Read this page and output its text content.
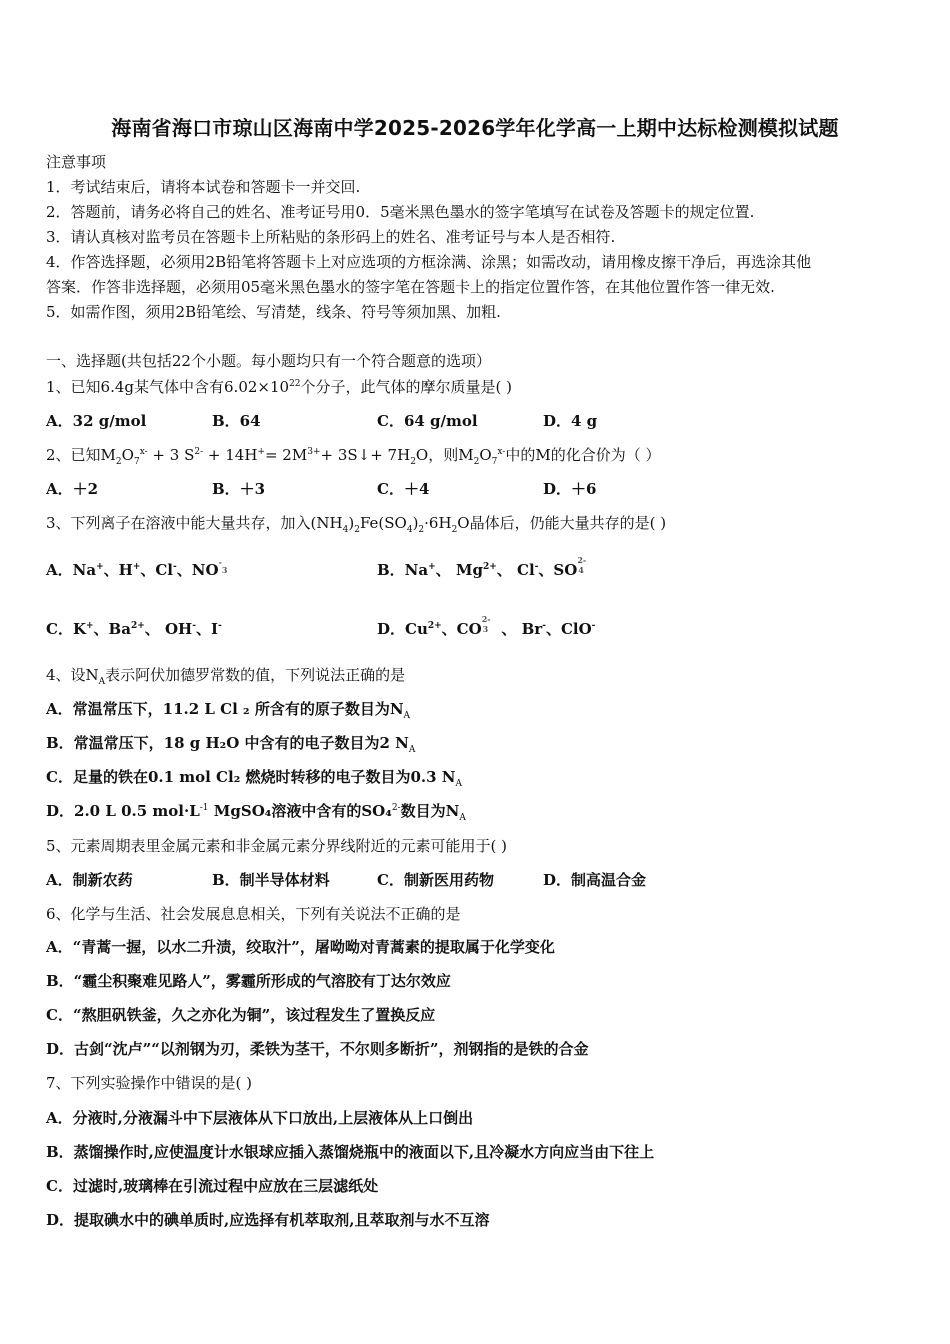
海南省海口市琼山区海南中学2025-2026学年化学高一上期中达标检测模拟试题
注意事项
1．考试结束后，请将本试卷和答题卡一并交回.
2．答题前，请务必将自己的姓名、准考证号用0．5毫米黑色墨水的签字笔填写在试卷及答题卡的规定位置.
3．请认真核对监考员在答题卡上所粘贴的条形码上的姓名、准考证号与本人是否相符.
4．作答选择题，必须用2B铅笔将答题卡上对应选项的方框涂满、涂黑；如需改动，请用橡皮擦干净后，再选涂其他
答案．作答非选择题，必须用05毫米黑色墨水的签字笔在答题卡上的指定位置作答，在其他位置作答一律无效.
5．如需作图，须用2B铅笔绘、写清楚，线条、符号等须加黑、加粗.
一、选择题(共包括22个小题。每小题均只有一个符合题意的选项）
1、已知6.4g某气体中含有$6.02\times 10^{22}$个分子，此气体的摩尔质量是( )
A．32 g/mol	B．64	C．64 g/mol	D．4 g
2、已知$M_2O_7^{x-} + 3$ $S^{2-} + 14H^+= 2M^{3+}+$ 3S↓+ $7H_2O$，则$M_2O_7^{x-}$中的M的化合价为（ ）
A．＋2	B．＋3	C．＋4	D．＋6
3、下列离子在溶液中能大量共存，加入$(NH_4)_2Fe(SO_4)_2\cdot 6H_2O$晶体后，仍能大量共存的是( )
A．Na+、H+、Cl-、NO-3	B．Na+、 $Mg^{2+}$、 Cl-、$SO^{2-}4$
C．K+、$Ba^{2+}$、 OH-、I-	D．$Cu^{2+}$、$CO^{2-}3$ 、 Br-、ClO-
4、设$N_A$表示阿伏加德罗常数的值，下列说法正确的是
A．常温常压下，11.2 L Cl ₂ 所含有的原子数目为$N_A$
B．常温常压下，18 g H₂O 中含有的电子数目为2 $N_A$
C．足量的铁在0.1 mol Cl₂ 燃烧时转移的电子数目为0.3 $N_A$
D．2.0 L 0.5 $mol\cdot L^{-1}$ MgSO₄溶液中含有的SO₄$^{2-}$数目为$N_A$
5、元素周期表里金属元素和非金属元素分界线附近的元素可能用于( )
A．制新农药	B．制半导体材料	C．制新医用药物	D．制高温合金
6、化学与生活、社会发展息息相关，下列有关说法不正确的是
A．“青蒿一握，以水二升渍，绞取汁”，屠呦呦对青蒿素的提取属于化学变化
B．“霾尘积聚难见路人”，雾霾所形成的气溶胶有丁达尔效应
C．“熬胆矾铁釜，久之亦化为铜”，该过程发生了置换反应
D．古剑“沈卢”“以剂钢为刃，柔铁为茎干，不尔则多断折”，剂钢指的是铁的合金
7、下列实验操作中错误的是( )
A．分液时,分液漏斗中下层液体从下口放出,上层液体从上口倒出
B．蒸馏操作时,应使温度计水银球应插入蒸馏烧瓶中的液面以下,且冷凝水方向应当由下往上
C．过滤时,玻璃棒在引流过程中应放在三层滤纸处
D．提取碘水中的碘单质时,应选择有机萃取剂,且萃取剂与水不互溶
